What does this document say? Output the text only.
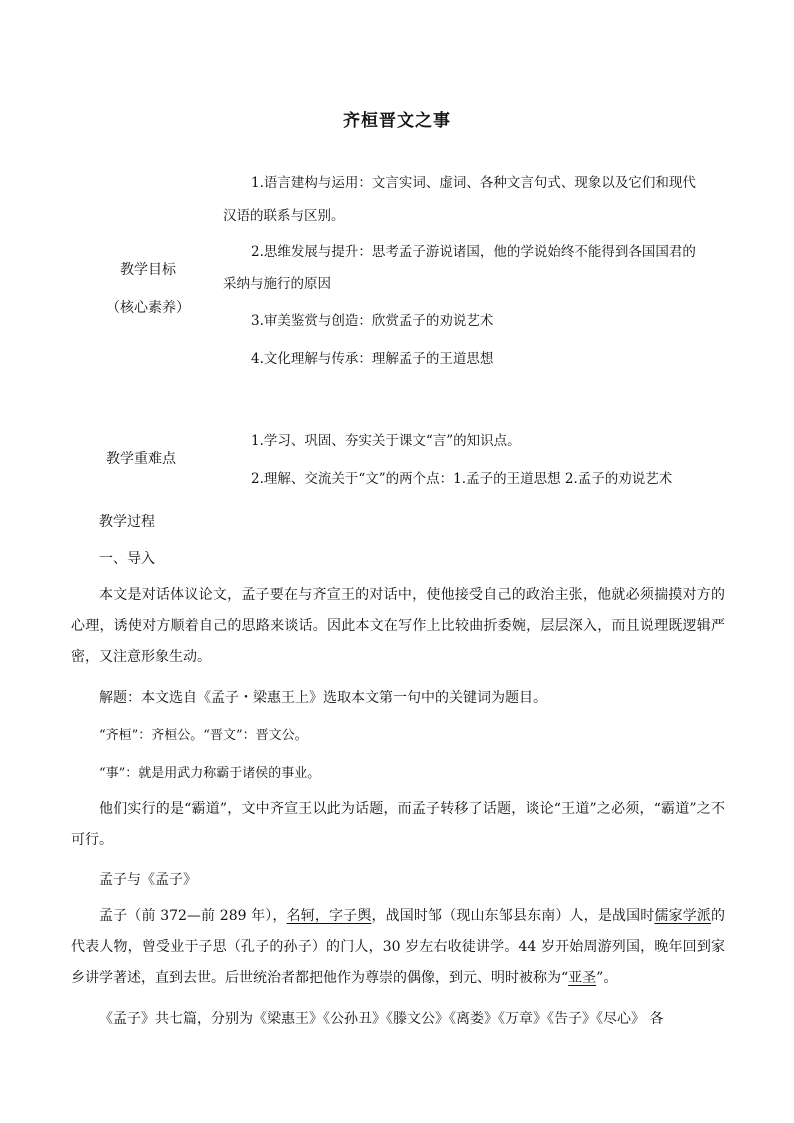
齐桓晋文之事
教学目标
（核心素养）
1.语言建构与运用：文言实词、虚词、各种文言句式、现象以及它们和现代
汉语的联系与区别。
2.思维发展与提升：思考孟子游说诸国，他的学说始终不能得到各国国君的
采纳与施行的原因
3.审美鉴赏与创造：欣赏孟子的劝说艺术
4.文化理解与传承：理解孟子的王道思想
教学重难点
1.学习、巩固、夯实关于课文“言”的知识点。
2.理解、交流关于“文”的两个点：1.孟子的王道思想 2.孟子的劝说艺术
教学过程
一、导入
本文是对话体议论文，孟子要在与齐宣王的对话中，使他接受自己的政治主张，他就必须揣摸对方的心理，诱使对方顺着自己的思路来谈话。因此本文在写作上比较曲折委婉，层层深入，而且说理既逻辑严密，又注意形象生动。
解题：本文选自《孟子・梁惠王上》选取本文第一句中的关键词为题目。
“齐桓”：齐桓公。“晋文”：晋文公。
“事”：就是用武力称霸于诸侯的事业。
他们实行的是“霸道”，文中齐宣王以此为话题，而孟子转移了话题，谈论“王道”之必须，“霸道”之不可行。
孟子与《孟子》
孟子（前 372—前 289 年），名轲，字子舆，战国时邹（现山东邹县东南）人，是战国时儒家学派的代表人物，曾受业于子思（孔子的孙子）的门人，30 岁左右收徒讲学。44 岁开始周游列国，晚年回到家乡讲学著述，直到去世。后世统治者都把他作为尊崇的偶像，到元、明时被称为“亚圣”。
《孟子》共七篇，分别为《梁惠王》《公孙丑》《滕文公》《离娄》《万章》《告子》《尽心》 各
